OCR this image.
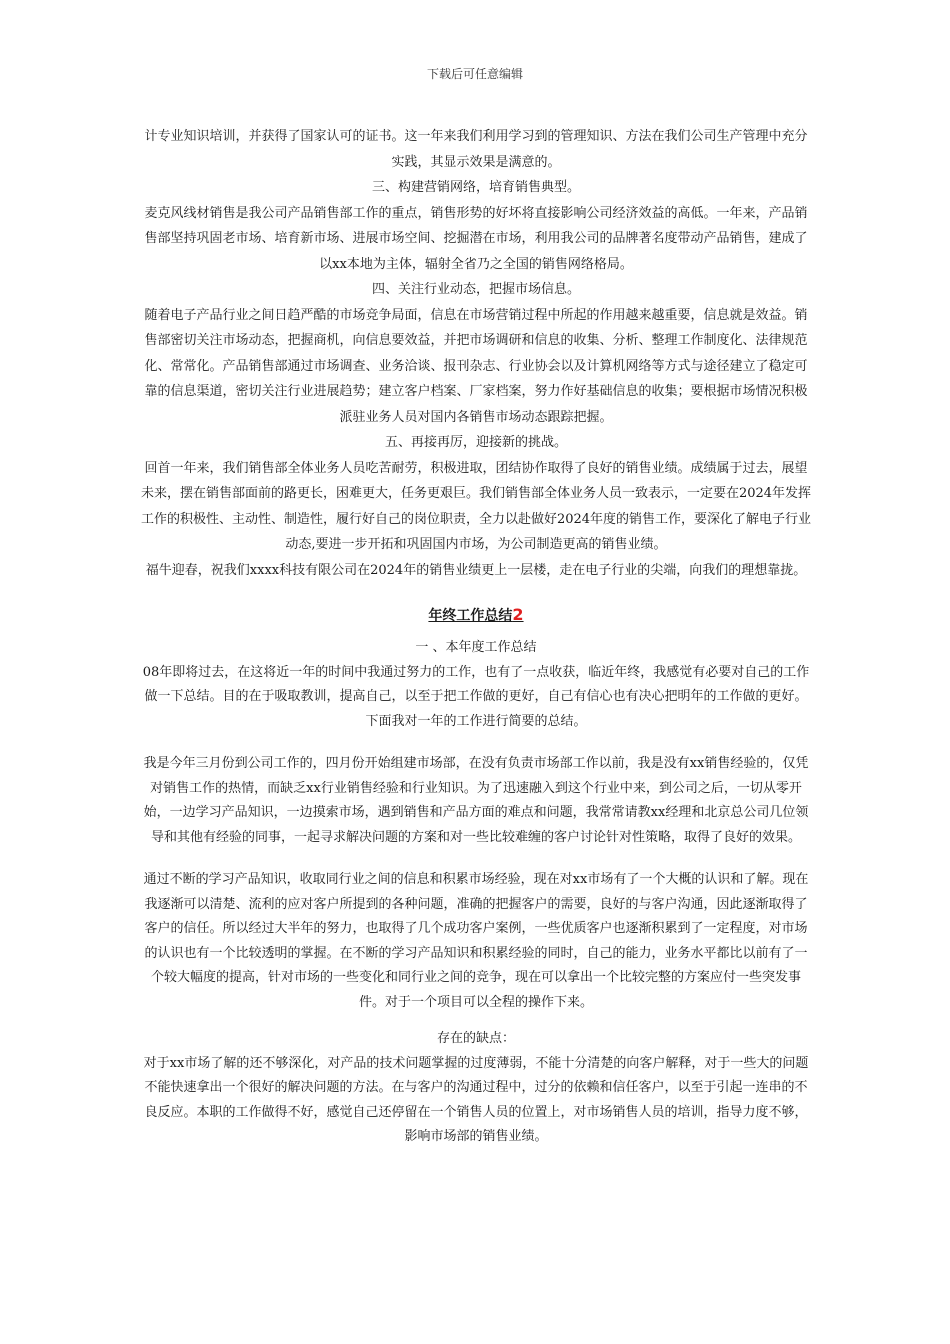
下载后可任意编辑

计专业知识培训，并获得了国家认可的证书。这一年来我们利用学习到的管理知识、方法在我们公司生产管理中充分实践，其显示效果是满意的。

三、构建营销网络，培育销售典型。

麦克风线材销售是我公司产品销售部工作的重点，销售形势的好坏将直接影响公司经济效益的高低。一年来，产品销售部坚持巩固老市场、培育新市场、进展市场空间、挖掘潜在市场，利用我公司的品牌著名度带动产品销售，建成了以xx本地为主体，辐射全省乃之全国的销售网络格局。

四、关注行业动态，把握市场信息。

随着电子产品行业之间日趋严酷的市场竞争局面，信息在市场营销过程中所起的作用越来越重要，信息就是效益。销售部密切关注市场动态，把握商机，向信息要效益，并把市场调研和信息的收集、分析、整理工作制度化、法律规范化、常常化。产品销售部通过市场调查、业务洽谈、报刊杂志、行业协会以及计算机网络等方式与途径建立了稳定可靠的信息渠道，密切关注行业进展趋势；建立客户档案、厂家档案，努力作好基础信息的收集；要根据市场情况积极派驻业务人员对国内各销售市场动态跟踪把握。

五、再接再厉，迎接新的挑战。

回首一年来，我们销售部全体业务人员吃苦耐劳，积极进取，团结协作取得了良好的销售业绩。成绩属于过去，展望未来，摆在销售部面前的路更长，困难更大，任务更艰巨。我们销售部全体业务人员一致表示，一定要在2024年发挥工作的积极性、主动性、制造性，履行好自己的岗位职责，全力以赴做好2024年度的销售工作，要深化了解电子行业动态,要进一步开拓和巩固国内市场，为公司制造更高的销售业绩。

福牛迎春，祝我们xxxx科技有限公司在2024年的销售业绩更上一层楼，走在电子行业的尖端，向我们的理想靠拢。

年终工作总结2

一 、本年度工作总结

08年即将过去，在这将近一年的时间中我通过努力的工作，也有了一点收获，临近年终，我感觉有必要对自己的工作做一下总结。目的在于吸取教训，提高自己，以至于把工作做的更好，自己有信心也有决心把明年的工作做的更好。下面我对一年的工作进行简要的总结。

我是今年三月份到公司工作的，四月份开始组建市场部，在没有负责市场部工作以前，我是没有xx销售经验的，仅凭对销售工作的热情，而缺乏xx行业销售经验和行业知识。为了迅速融入到这个行业中来，到公司之后，一切从零开始，一边学习产品知识，一边摸索市场，遇到销售和产品方面的难点和问题，我常常请教xx经理和北京总公司几位领导和其他有经验的同事，一起寻求解决问题的方案和对一些比较难缠的客户讨论针对性策略，取得了良好的效果。

通过不断的学习产品知识，收取同行业之间的信息和积累市场经验，现在对xx市场有了一个大概的认识和了解。现在我逐渐可以清楚、流利的应对客户所提到的各种问题，准确的把握客户的需要，良好的与客户沟通，因此逐渐取得了客户的信任。所以经过大半年的努力，也取得了几个成功客户案例，一些优质客户也逐渐积累到了一定程度，对市场的认识也有一个比较透明的掌握。在不断的学习产品知识和积累经验的同时，自己的能力，业务水平都比以前有了一个较大幅度的提高，针对市场的一些变化和同行业之间的竞争，现在可以拿出一个比较完整的方案应付一些突发事件。对于一个项目可以全程的操作下来。

存在的缺点：

对于xx市场了解的还不够深化，对产品的技术问题掌握的过度薄弱，不能十分清楚的向客户解释，对于一些大的问题不能快速拿出一个很好的解决问题的方法。在与客户的沟通过程中，过分的依赖和信任客户，以至于引起一连串的不良反应。本职的工作做得不好，感觉自己还停留在一个销售人员的位置上，对市场销售人员的培训，指导力度不够，影响市场部的销售业绩。
